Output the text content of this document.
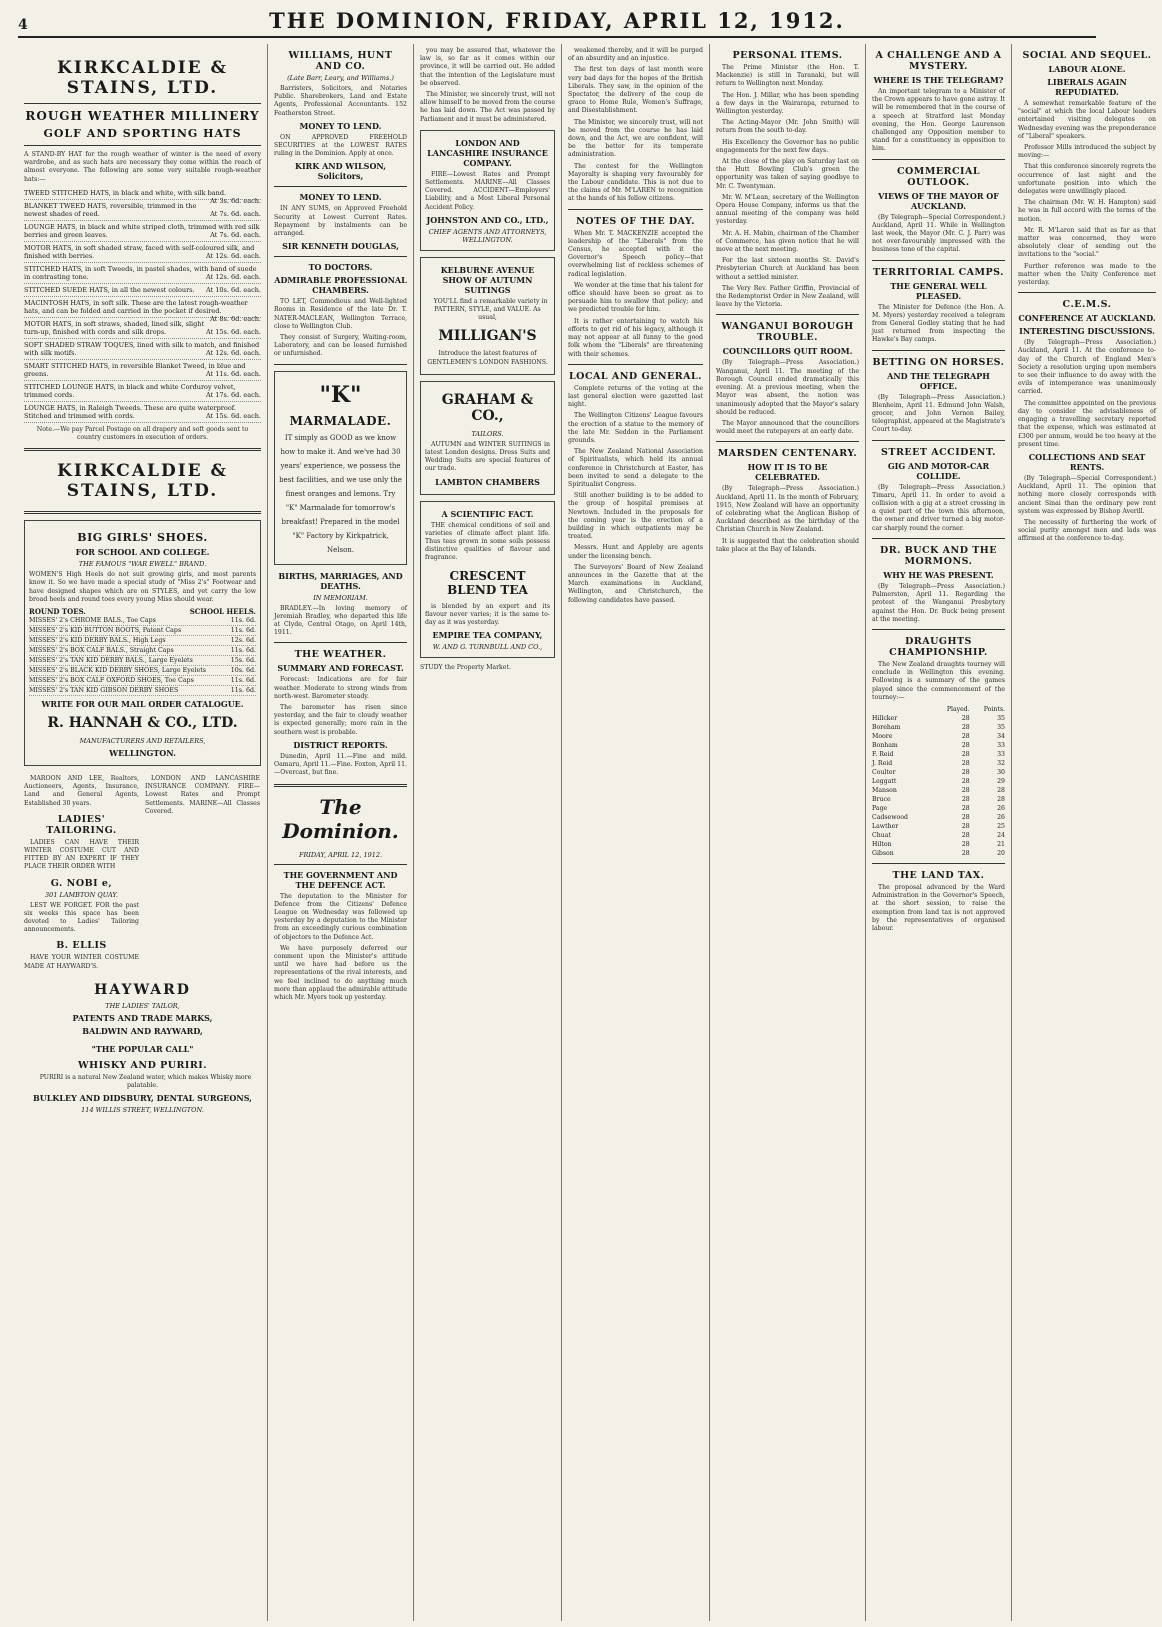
4	THE DOMINION, FRIDAY, APRIL 12, 1912.
KIRKCALDIE & STAINS, LTD.
ROUGH WEATHER MILLINERY
GOLF AND SPORTING HATS
A STAND-BY HAT for the rough weather of winter is the need of every wardrobe, and as such hats are necessary they come within the reach of almost everyone. The following are some very suitable rough-weather hats:—
TWEED STITCHED HATS, in black and white, with silk band.
At 3s. 6d. each.
BLANKET TWEED HATS, reversible, trimmed in the newest shades of reed.	At 7s. 6d. each.
LOUNGE HATS, in black and white striped cloth, trimmed with red silk berries and green leaves.	At 7s. 6d. each.
MOTOR HATS, in soft shaded straw, faced with self-coloured silk, and finished with berries.	At 12s. 6d. each.
STITCHED HATS, in soft Tweeds, in pastel shades, with band of suede in contrasting tone.	At 12s. 6d. each.
STITCHED SUEDE HATS, in all the newest colours. At 10s. 6d. each.
MACINTOSH HATS, in soft silk. These are the latest rough-weather hats, and can be folded and carried in the pocket if desired.
At 8s. 6d. each.
MOTOR HATS, in soft straws, shaded, lined silk, slight turn-up, finished with cords and silk drops.	At 15s. 6d. each.
SOFT SHADED STRAW TOQUES, lined with silk to match, and finished with silk motifs.	At 12s. 6d. each.
SMART STITCHED HATS, in reversible Blanket Tweed, in blue and greens.	At 11s. 6d. each.
STITCHED LOUNGE HATS, in black and white Corduroy velvet, trimmed cords.	At 17s. 6d. each.
LOUNGE HATS, in Raleigh Tweeds. These are quite waterproof. Stitched and trimmed with cords.	At 15s. 6d. each.
Note.—We pay Parcel Postage on all drapery and soft goods sent to country customers in execution of orders.
KIRKCALDIE & STAINS, LTD.
BIG GIRLS' SHOES.
FOR SCHOOL AND COLLEGE.
THE FAMOUS "WAR EWELL" BRAND.
WOMEN'S High Heels do not suit growing girls, and most parents know it. So we have made a special study of "Miss 2's" Footwear and have designed shapes which are on STYLES, and yet carry the low broad heels and round toes every young Miss should wear.
ROUND TOES.	SCHOOL HEELS.
MISSES' 2's CHROME BALS., Toe Caps	11s. 6d.
MISSES' 2's KID BUTTON BOOTS, Patent Caps	11s. 6d.
MISSES' 2's KID DERBY BALS., High Legs	12s. 6d.
MISSES' 2's BOX CALF BALS., Straight Caps	11s. 6d.
MISSES' 2's TAN KID DERBY BALS., Large Eyelets	15s. 6d.
MISSES' 2's BLACK KID DERBY SHOES, Large Eyelets	10s. 6d.
MISSES' 2's BOX CALF OXFORD SHOES, Toe Caps	11s. 6d.
MISSES' 2's TAN KID GIBSON DERBY SHOES	11s. 6d.
WRITE FOR OUR MAIL ORDER CATALOGUE.
R. HANNAH & CO., LTD.
MANUFACTURERS AND RETAILERS,
WELLINGTON.

MAROON AND LEE, Realtors, Auctioneers, Agents, Insurance, Land and General Agents, Established 30 years.

LADIES' TAILORING.

LADIES CAN HAVE THEIR WINTER COSTUME CUT AND FITTED BY AN EXPERT IF THEY PLACE THEIR ORDER WITH

G. NOBI e,
301 LAMBTON QUAY.

LEST WE FORGET. FOR the past six weeks this space has been devoted to Ladies' Tailoring announcements.

B. ELLIS

HAVE YOUR WINTER COSTUME MADE AT HAYWARD'S.

LONDON AND LANCASHIRE INSURANCE COMPANY. FIRE—Lowest Rates and Prompt Settlements. MARINE—All Classes Covered.

HAYWARD
THE LADIES' TAILOR,
PATENTS AND TRADE MARKS,
BALDWIN AND RAYWARD,
"THE POPULAR CALL"
WHISKY AND PURIRI.

PURIRI is a natural New Zealand water, which makes Whisky more palatable.

BULKLEY AND DIDSBURY, DENTAL SURGEONS,
114 WILLIS STREET, WELLINGTON.
WILLIAMS, HUNT AND CO.
(Late Barr, Leary, and Williams.)

Barristers, Solicitors, and Notaries Public. Sharebrokers, Land and Estate Agents, Professional Accountants. 152 Featherston Street.

MONEY TO LEND.

ON APPROVED FREEHOLD SECURITIES at the LOWEST RATES ruling in the Dominion. Apply at once.

KIRK AND WILSON, Solicitors,
MONEY TO LEND.

IN ANY SUMS, on Approved Freehold Security at Lowest Current Rates. Repayment by instalments can be arranged.

SIR KENNETH DOUGLAS,
TO DOCTORS.
ADMIRABLE PROFESSIONAL CHAMBERS.

TO LET, Commodious and Well-lighted Rooms in Residence of the late Dr. T. NATER-MACLEAN, Wellington Terrace, close to Wellington Club.

They consist of Surgery, Waiting-room, Laboratory, and can be leased furnished or unfurnished.

"K"
MARMALADE.
IT simply as GOOD as we know how to make it. And we've had 30 years' experience, we possess the best facilities, and we use only the finest oranges and lemons. Try "K" Marmalade for tomorrow's breakfast! Prepared in the model "K" Factory by Kirkpatrick, Nelson.
BIRTHS, MARRIAGES, AND DEATHS.
IN MEMORIAM.

BRADLEY.—In loving memory of Jeremiah Bradley, who departed this life at Clyde, Central Otago, on April 14th, 1911.

THE WEATHER.
SUMMARY AND FORECAST.

Forecast: Indications are for fair weather. Moderate to strong winds from north-west. Barometer steady.

The barometer has risen since yesterday, and the fair to cloudy weather is expected generally; more rain in the southern west is probable.

DISTRICT REPORTS.

Dunedin, April 11.—Fine and mild. Oamaru, April 11.—Fine. Foxton, April 11.—Overcast, but fine.

The Dominion.
FRIDAY, APRIL 12, 1912.
THE GOVERNMENT AND THE DEFENCE ACT.

The deputation to the Minister for Defence from the Citizens' Defence League on Wednesday was followed up yesterday by a deputation to the Minister from an exceedingly curious combination of objectors to the Defence Act.

We have purposely deferred our comment upon the Minister's attitude until we have had before us the representations of the rival interests, and we feel inclined to do anything much more than applaud the admirable attitude which Mr. Myers took up yesterday.

you may be assured that, whatever the law is, so far as it comes within our province, it will be carried out. He added that the intention of the Legislature must be observed.

The Minister, we sincerely trust, will not allow himself to be moved from the course he has laid down. The Act was passed by Parliament and it must be administered.

LONDON AND LANCASHIRE INSURANCE COMPANY.

FIRE—Lowest Rates and Prompt Settlements. MARINE—All Classes Covered. ACCIDENT—Employers' Liability, and a Most Liberal Personal Accident Policy.

JOHNSTON AND CO., LTD.,
CHIEF AGENTS AND ATTORNEYS, WELLINGTON.
KELBURNE AVENUE SHOW OF AUTUMN SUITINGS

YOU'LL find a remarkable variety in PATTERN, STYLE, and VALUE. As usual,

MILLIGAN'S
Introduce the latest features of GENTLEMEN'S LONDON FASHIONS.
GRAHAM & CO.,
TAILORS.

AUTUMN and WINTER SUITINGS in latest London designs. Dress Suits and Wedding Suits are special features of our trade.

LAMBTON CHAMBERS
A SCIENTIFIC FACT.

THE chemical conditions of soil and varieties of climate affect plant life. Thus teas grown in some soils possess distinctive qualities of flavour and fragrance.

CRESCENT BLEND TEA

is blended by an expert and its flavour never varies; it is the same to-day as it was yesterday.

EMPIRE TEA COMPANY,
W. AND G. TURNBULL AND CO.,
STUDY the Property Market.

weakened thereby, and it will be purged of an absurdity and an injustice.

The first ten days of last month were very bad days for the hopes of the British Liberals. They saw, in the opinion of the Spectator, the delivery of the coup de grace to Home Rule, Women's Suffrage, and Disestablishment.

The Minister, we sincerely trust, will not be moved from the course he has laid down, and the Act, we are confident, will be the better for its temperate administration.

The contest for the Wellington Mayoralty is shaping very favourably for the Labour candidate. This is not due to the claims of Mr. M'LAREN to recognition at the hands of his fellow citizens.

NOTES OF THE DAY.

When Mr. T. MACKENZIE accepted the leadership of the "Liberals" from the Census, he accepted with it the Governor's Speech policy—that overwhelming list of reckless schemes of radical legislation.

We wonder at the time that his talent for office should have been so great as to persuade him to swallow that policy; and we predicted trouble for him.

It is rather entertaining to watch his efforts to get rid of his legacy, although it may not appear at all funny to the good folk whom the "Liberals" are threatening with their schemes.

LOCAL AND GENERAL.

Complete returns of the voting at the last general election were gazetted last night.

The Wellington Citizens' League favours the erection of a statue to the memory of the late Mr. Seddon in the Parliament grounds.

The New Zealand National Association of Spiritualists, which held its annual conference in Christchurch at Easter, has been invited to send a delegate to the Spiritualist Congress.

Still another building is to be added to the group of hospital premises at Newtown. Included in the proposals for the coming year is the erection of a building in which outpatients may be treated.

Messrs. Hunt and Appleby are agents under the licensing bench.

The Surveyors' Board of New Zealand announces in the Gazette that at the March examinations in Auckland, Wellington, and Christchurch, the following candidates have passed.

PERSONAL ITEMS.

The Prime Minister (the Hon. T. Mackenzie) is still in Taranaki, but will return to Wellington next Monday.

The Hon. J. Millar, who has been spending a few days in the Wairarapa, returned to Wellington yesterday.

The Acting-Mayor (Mr. John Smith) will return from the south to-day.

His Excellency the Governor has no public engagements for the next few days.

At the close of the play on Saturday last on the Hutt Bowling Club's green the opportunity was taken of saying goodbye to Mr. C. Twentyman.

Mr. W. M'Lean, secretary of the Wellington Opera House Company, informs us that the annual meeting of the company was held yesterday.

Mr. A. H. Mabin, chairman of the Chamber of Commerce, has given notice that he will move at the next meeting.

For the last sixteen months St. David's Presbyterian Church at Auckland has been without a settled minister.

The Very Rev. Father Griffin, Provincial of the Redemptorist Order in New Zealand, will leave by the Victoria.

WANGANUI BOROUGH TROUBLE.
COUNCILLORS QUIT ROOM.

(By Telegraph—Press Association.) Wanganui, April 11. The meeting of the Borough Council ended dramatically this evening. At a previous meeting, when the Mayor was absent, the notion was unanimously adopted that the Mayor's salary should be reduced.

The Mayor announced that the councillors would meet the ratepayers at an early date.

MARSDEN CENTENARY.
HOW IT IS TO BE CELEBRATED.

(By Telegraph—Press Association.) Auckland, April 11. In the month of February, 1915, New Zealand will have an opportunity of celebrating what the Anglican Bishop of Auckland described as the birthday of the Christian Church in New Zealand.

It is suggested that the celebration should take place at the Bay of Islands.

A CHALLENGE AND A MYSTERY.
WHERE IS THE TELEGRAM?

An important telegram to a Minister of the Crown appears to have gone astray. It will be remembered that in the course of a speech at Stratford last Monday evening, the Hon. George Laurenson challenged any Opposition member to stand for a constituency in opposition to him.

COMMERCIAL OUTLOOK.
VIEWS OF THE MAYOR OF AUCKLAND.

(By Telegraph—Special Correspondent.) Auckland, April 11. While in Wellington last week, the Mayor (Mr. C. J. Parr) was not over-favourably impressed with the business tone of the capital.

TERRITORIAL CAMPS.
THE GENERAL WELL PLEASED.

The Minister for Defence (the Hon. A. M. Myers) yesterday received a telegram from General Godley stating that he had just returned from inspecting the Hawke's Bay camps.

BETTING ON HORSES.
AND THE TELEGRAPH OFFICE.

(By Telegraph—Press Association.) Blenheim, April 11. Edmund John Walsh, grocer, and John Vernon Bailey, telegraphist, appeared at the Magistrate's Court to-day.

STREET ACCIDENT.
GIG AND MOTOR-CAR COLLIDE.

(By Telegraph—Press Association.) Timaru, April 11. In order to avoid a collision with a gig at a street crossing in a quiet part of the town this afternoon, the owner and driver turned a big motor-car sharply round the corner.

DR. BUCK AND THE MORMONS.
WHY HE WAS PRESENT.

(By Telegraph—Press Association.) Palmerston, April 11. Regarding the protest of the Wanganui Presbytery against the Hon. Dr. Buck being present at the meeting.

DRAUGHTS CHAMPIONSHIP.

The New Zealand draughts tourney will conclude in Wellington this evening. Following is a summary of the games played since the commencement of the tourney:—

	Played.	Points.
Hillcker	28	35
Boreham	28	35
Moore	28	34
Bonham	28	33
F. Reid	28	33
J. Reid	28	32
Coulter	28	30
Leggatt	28	29
Manson	28	28
Bruce	28	28
Page	28	26
Cadsewood	28	26
Lawther	28	25
Chuat	28	24
Hilton	28	21
Gibson	28	20
THE LAND TAX.

The proposal advanced by the Ward Administration in the Governor's Speech, at the short session, to raise the exemption from land tax is not approved by the representatives of organised labour.

SOCIAL AND SEQUEL.
LABOUR ALONE.
LIBERALS AGAIN REPUDIATED.

A somewhat remarkable feature of the "social" at which the local Labour leaders entertained visiting delegates on Wednesday evening was the preponderance of "Liberal" speakers.

Professor Mills introduced the subject by moving:—

That this conference sincerely regrets the occurrence of last night and the unfortunate position into which the delegates were unwillingly placed.

The chairman (Mr. W. H. Hampton) said he was in full accord with the terms of the motion.

Mr. R. M'Laren said that as far as that matter was concerned, they were absolutely clear of sending out the invitations to the "social."

Further reference was made to the matter when the Unity Conference met yesterday.

C.E.M.S.
CONFERENCE AT AUCKLAND.
INTERESTING DISCUSSIONS.

(By Telegraph—Press Association.) Auckland, April 11. At the conference to-day of the Church of England Men's Society a resolution urging upon members to see their influence to do away with the evils of intemperance was unanimously carried.

The committee appointed on the previous day to consider the advisableness of engaging a travelling secretary reported that the expense, which was estimated at £300 per annum, would be too heavy at the present time.

COLLECTIONS AND SEAT RENTS.

(By Telegraph—Special Correspondent.) Auckland, April 11. The opinion that nothing more closely corresponds with ancient Sinai than the ordinary pew rent system was expressed by Bishop Averill.

The necessity of furthering the work of social purity amongst men and lads was affirmed at the conference to-day.
